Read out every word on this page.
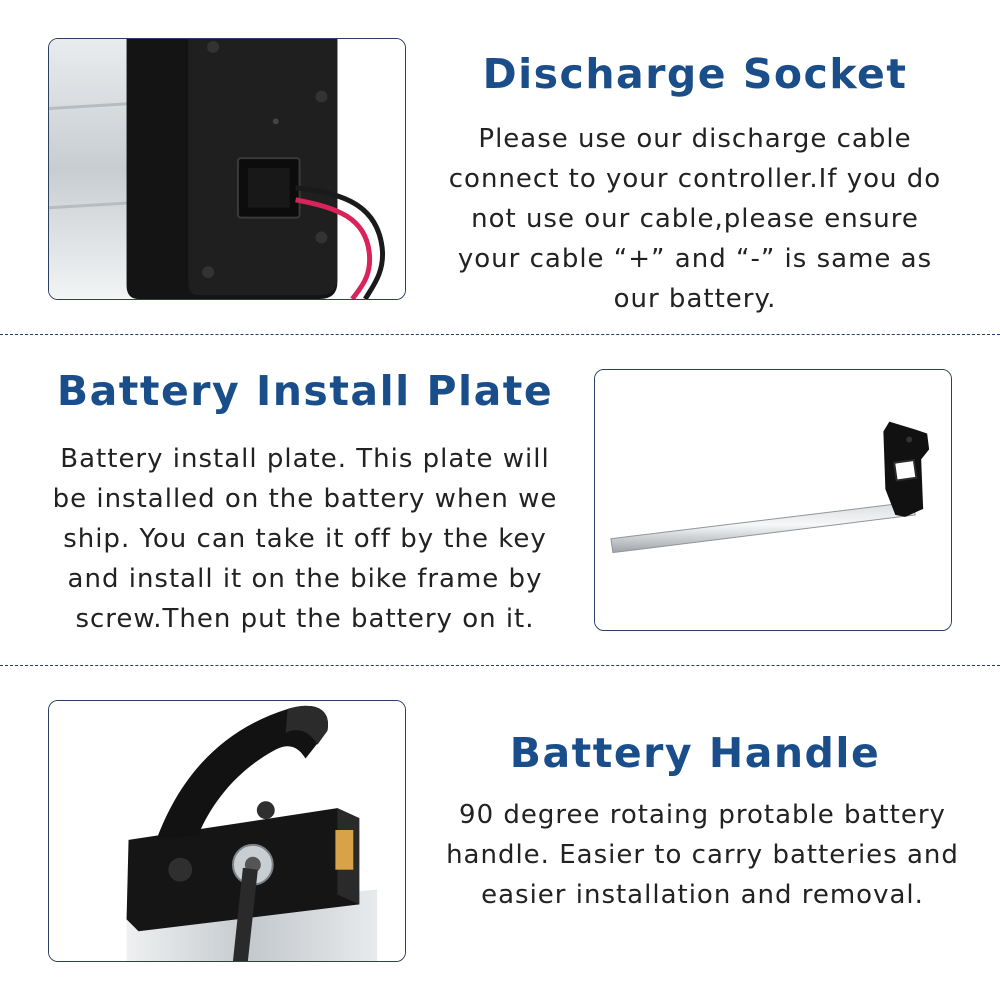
Discharge Socket
Please use our discharge cable
connect to your controller.If you do
not use our cable,please ensure
your cable “+” and “-” is same as
our battery.
Battery Install Plate
Battery install plate. This plate will
be installed on the battery when we
ship. You can take it off by the key
and install it on the bike frame by
screw.Then put the battery on it.
Battery Handle
90 degree rotaing protable battery
handle. Easier to carry batteries and
easier installation and removal.
